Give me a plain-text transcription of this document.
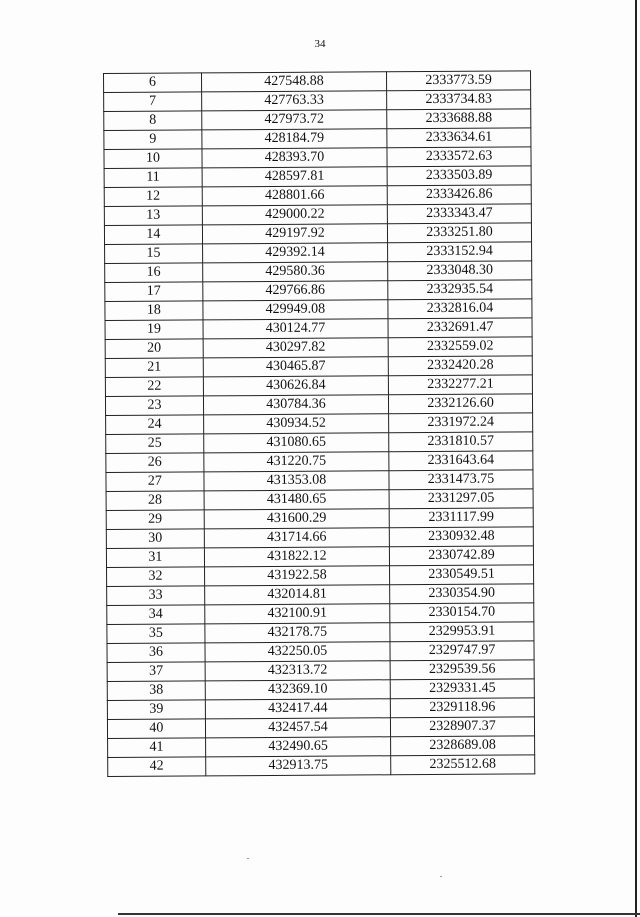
34
6	427548.88	2333773.59
7	427763.33	2333734.83
8	427973.72	2333688.88
9	428184.79	2333634.61
10	428393.70	2333572.63
11	428597.81	2333503.89
12	428801.66	2333426.86
13	429000.22	2333343.47
14	429197.92	2333251.80
15	429392.14	2333152.94
16	429580.36	2333048.30
17	429766.86	2332935.54
18	429949.08	2332816.04
19	430124.77	2332691.47
20	430297.82	2332559.02
21	430465.87	2332420.28
22	430626.84	2332277.21
23	430784.36	2332126.60
24	430934.52	2331972.24
25	431080.65	2331810.57
26	431220.75	2331643.64
27	431353.08	2331473.75
28	431480.65	2331297.05
29	431600.29	2331117.99
30	431714.66	2330932.48
31	431822.12	2330742.89
32	431922.58	2330549.51
33	432014.81	2330354.90
34	432100.91	2330154.70
35	432178.75	2329953.91
36	432250.05	2329747.97
37	432313.72	2329539.56
38	432369.10	2329331.45
39	432417.44	2329118.96
40	432457.54	2328907.37
41	432490.65	2328689.08
42	432913.75	2325512.68
